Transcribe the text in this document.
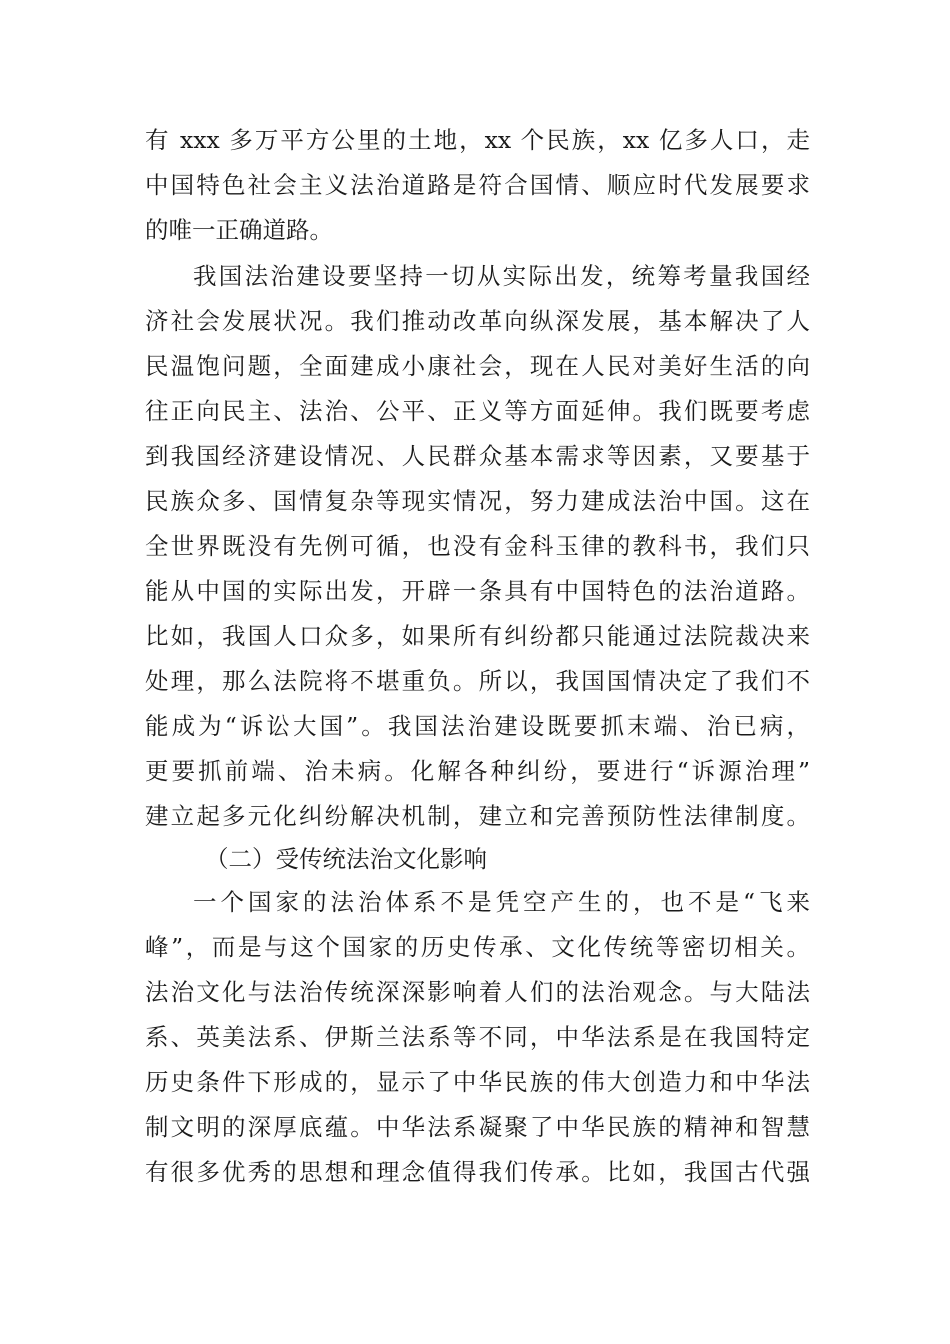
有 xxx 多万平方公里的土地，xx 个民族，xx 亿多人口，走
中国特色社会主义法治道路是符合国情、顺应时代发展要求
的唯一正确道路。
我国法治建设要坚持一切从实际出发，统筹考量我国经
济社会发展状况。我们推动改革向纵深发展，基本解决了人
民温饱问题，全面建成小康社会，现在人民对美好生活的向
往正向民主、法治、公平、正义等方面延伸。我们既要考虑
到我国经济建设情况、人民群众基本需求等因素，又要基于
民族众多、国情复杂等现实情况，努力建成法治中国。这在
全世界既没有先例可循，也没有金科玉律的教科书，我们只
能从中国的实际出发，开辟一条具有中国特色的法治道路。
比如，我国人口众多，如果所有纠纷都只能通过法院裁决来
处理，那么法院将不堪重负。所以，我国国情决定了我们不
能成为“诉讼大国”。我国法治建设既要抓末端、治已病，
更要抓前端、治未病。化解各种纠纷，要进行“诉源治理”
建立起多元化纠纷解决机制，建立和完善预防性法律制度。
（二）受传统法治文化影响
一个国家的法治体系不是凭空产生的，也不是“飞来
峰”，而是与这个国家的历史传承、文化传统等密切相关。
法治文化与法治传统深深影响着人们的法治观念。与大陆法
系、英美法系、伊斯兰法系等不同，中华法系是在我国特定
历史条件下形成的，显示了中华民族的伟大创造力和中华法
制文明的深厚底蕴。中华法系凝聚了中华民族的精神和智慧
有很多优秀的思想和理念值得我们传承。比如，我国古代强
